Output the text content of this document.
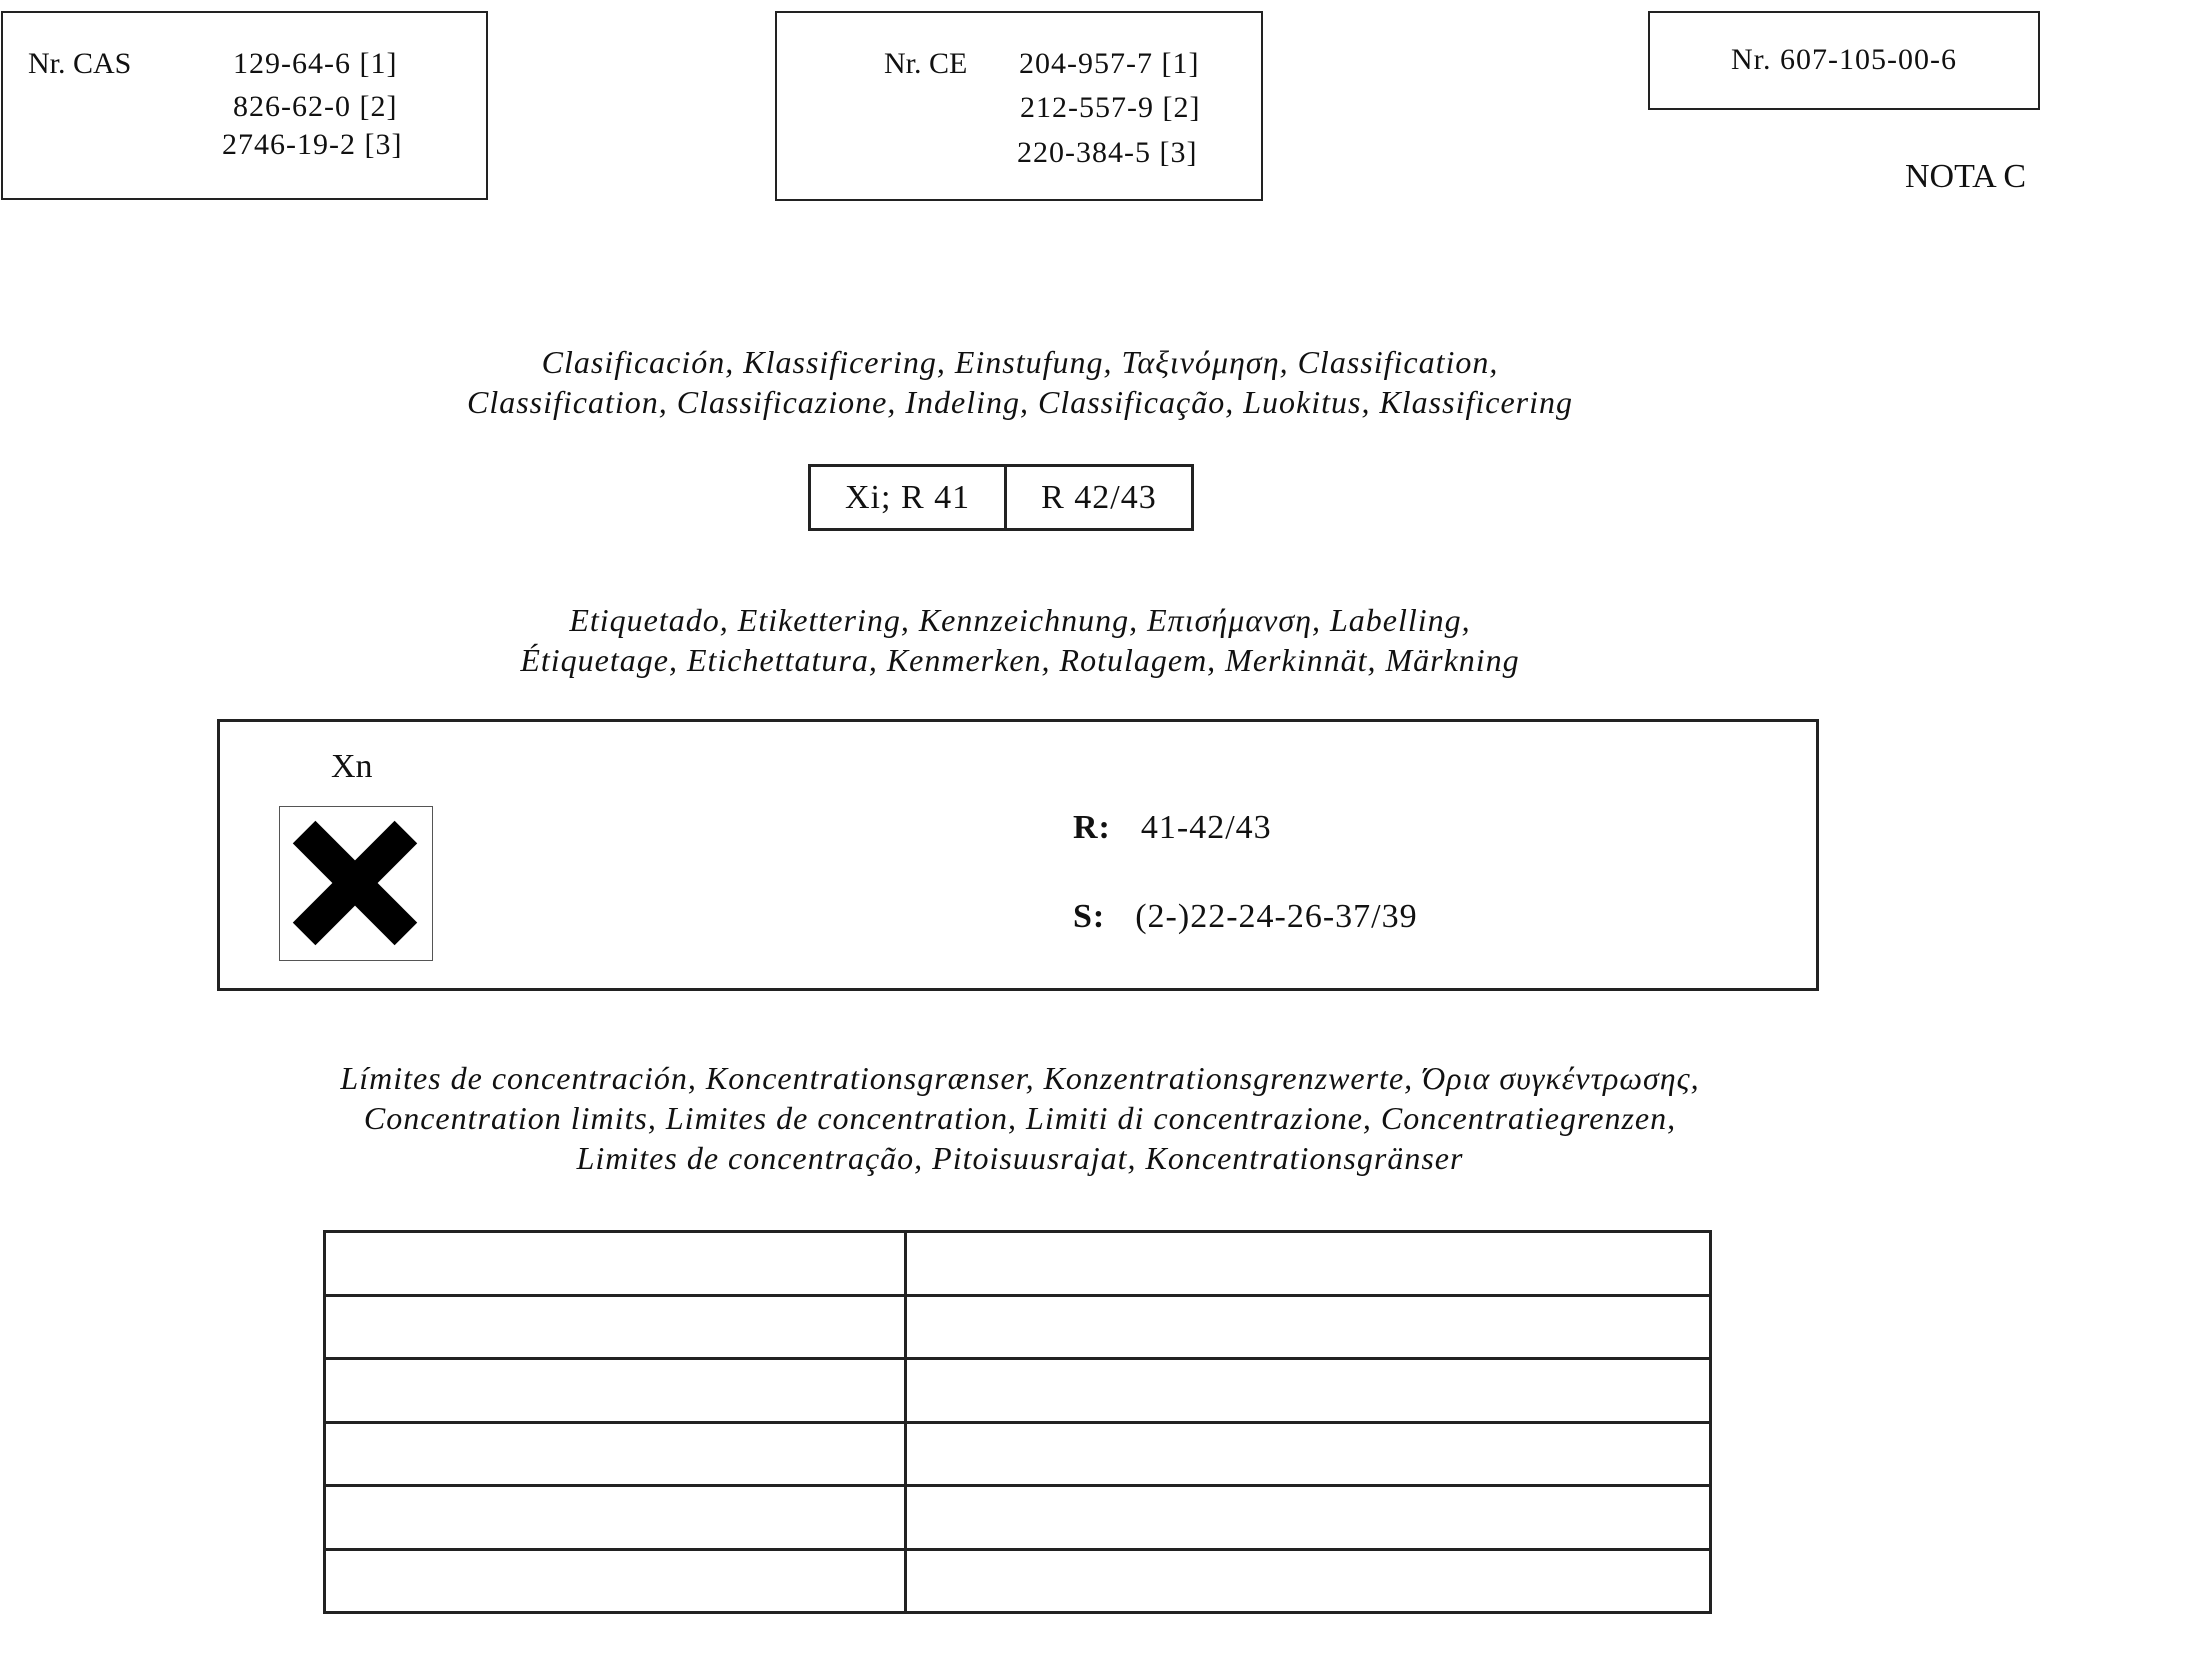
Nr. CAS	129-64-6 [1]
826-62-0 [2]
2746-19-2 [3]
Nr. CE 204-957-7 [1]
212-557-9 [2]
220-384-5 [3]
Nr. 607-105-00-6
NOTA C
Clasificación, Klassificering, Einstufung, Ταξινόμηση, Classification,
Classification, Classificazione, Indeling, Classificação, Luokitus, Klassificering
Xi; R 41	R 42/43
Etiquetado, Etikettering, Kennzeichnung, Επισήμανση, Labelling,
Étiquetage, Etichettatura, Kenmerken, Rotulagem, Merkinnät, Märkning
Xn
R: 41-42/43
S: (2-)22-24-26-37/39
Límites de concentración, Koncentrationsgrænser, Konzentrationsgrenzwerte, Όρια συγκέντρωσης,
Concentration limits, Limites de concentration, Limiti di concentrazione, Concentratiegrenzen,
Limites de concentração, Pitoisuusrajat, Koncentrationsgränser
